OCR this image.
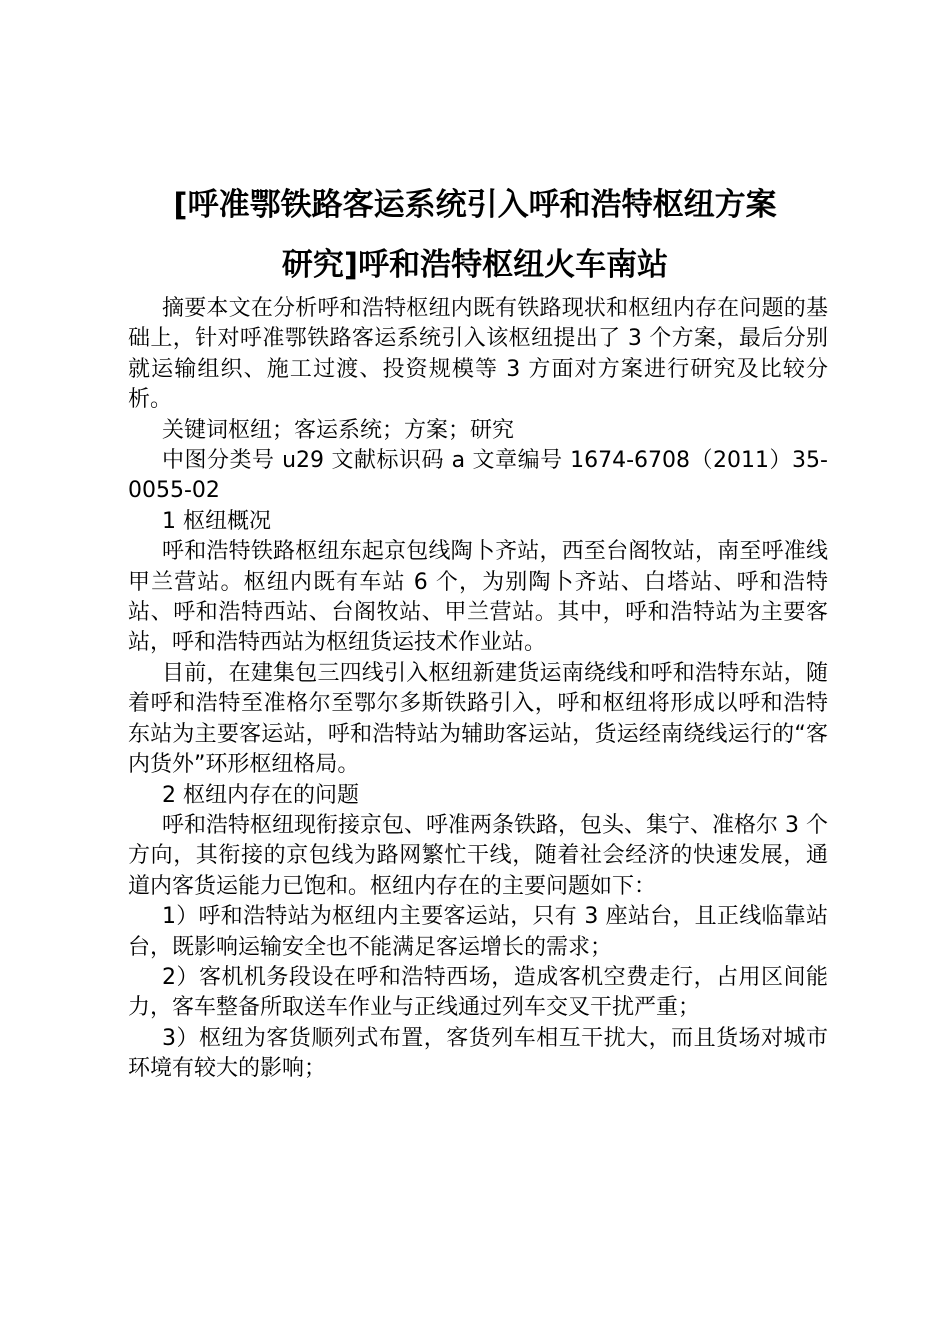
[呼准鄂铁路客运系统引入呼和浩特枢纽方案
研究]呼和浩特枢纽火车南站

摘要本文在分析呼和浩特枢纽内既有铁路现状和枢纽内存在问题的基础上，针对呼准鄂铁路客运系统引入该枢纽提出了 3 个方案，最后分别就运输组织、施工过渡、投资规模等 3 方面对方案进行研究及比较分析。

关键词枢纽；客运系统；方案；研究

中图分类号 u29 文献标识码 a 文章编号 1674-6708（2011）35-0055-02

1 枢纽概况

呼和浩特铁路枢纽东起京包线陶卜齐站，西至台阁牧站，南至呼准线甲兰营站。枢纽内既有车站 6 个，为别陶卜齐站、白塔站、呼和浩特站、呼和浩特西站、台阁牧站、甲兰营站。其中，呼和浩特站为主要客站，呼和浩特西站为枢纽货运技术作业站。

目前，在建集包三四线引入枢纽新建货运南绕线和呼和浩特东站，随着呼和浩特至准格尔至鄂尔多斯铁路引入，呼和枢纽将形成以呼和浩特东站为主要客运站，呼和浩特站为辅助客运站，货运经南绕线运行的“客内货外”环形枢纽格局。

2 枢纽内存在的问题

呼和浩特枢纽现衔接京包、呼准两条铁路，包头、集宁、准格尔 3 个方向，其衔接的京包线为路网繁忙干线，随着社会经济的快速发展，通道内客货运能力已饱和。枢纽内存在的主要问题如下：

1）呼和浩特站为枢纽内主要客运站，只有 3 座站台，且正线临靠站台，既影响运输安全也不能满足客运增长的需求；

2）客机机务段设在呼和浩特西场，造成客机空费走行，占用区间能力，客车整备所取送车作业与正线通过列车交叉干扰严重；

3）枢纽为客货顺列式布置，客货列车相互干扰大，而且货场对城市环境有较大的影响；
